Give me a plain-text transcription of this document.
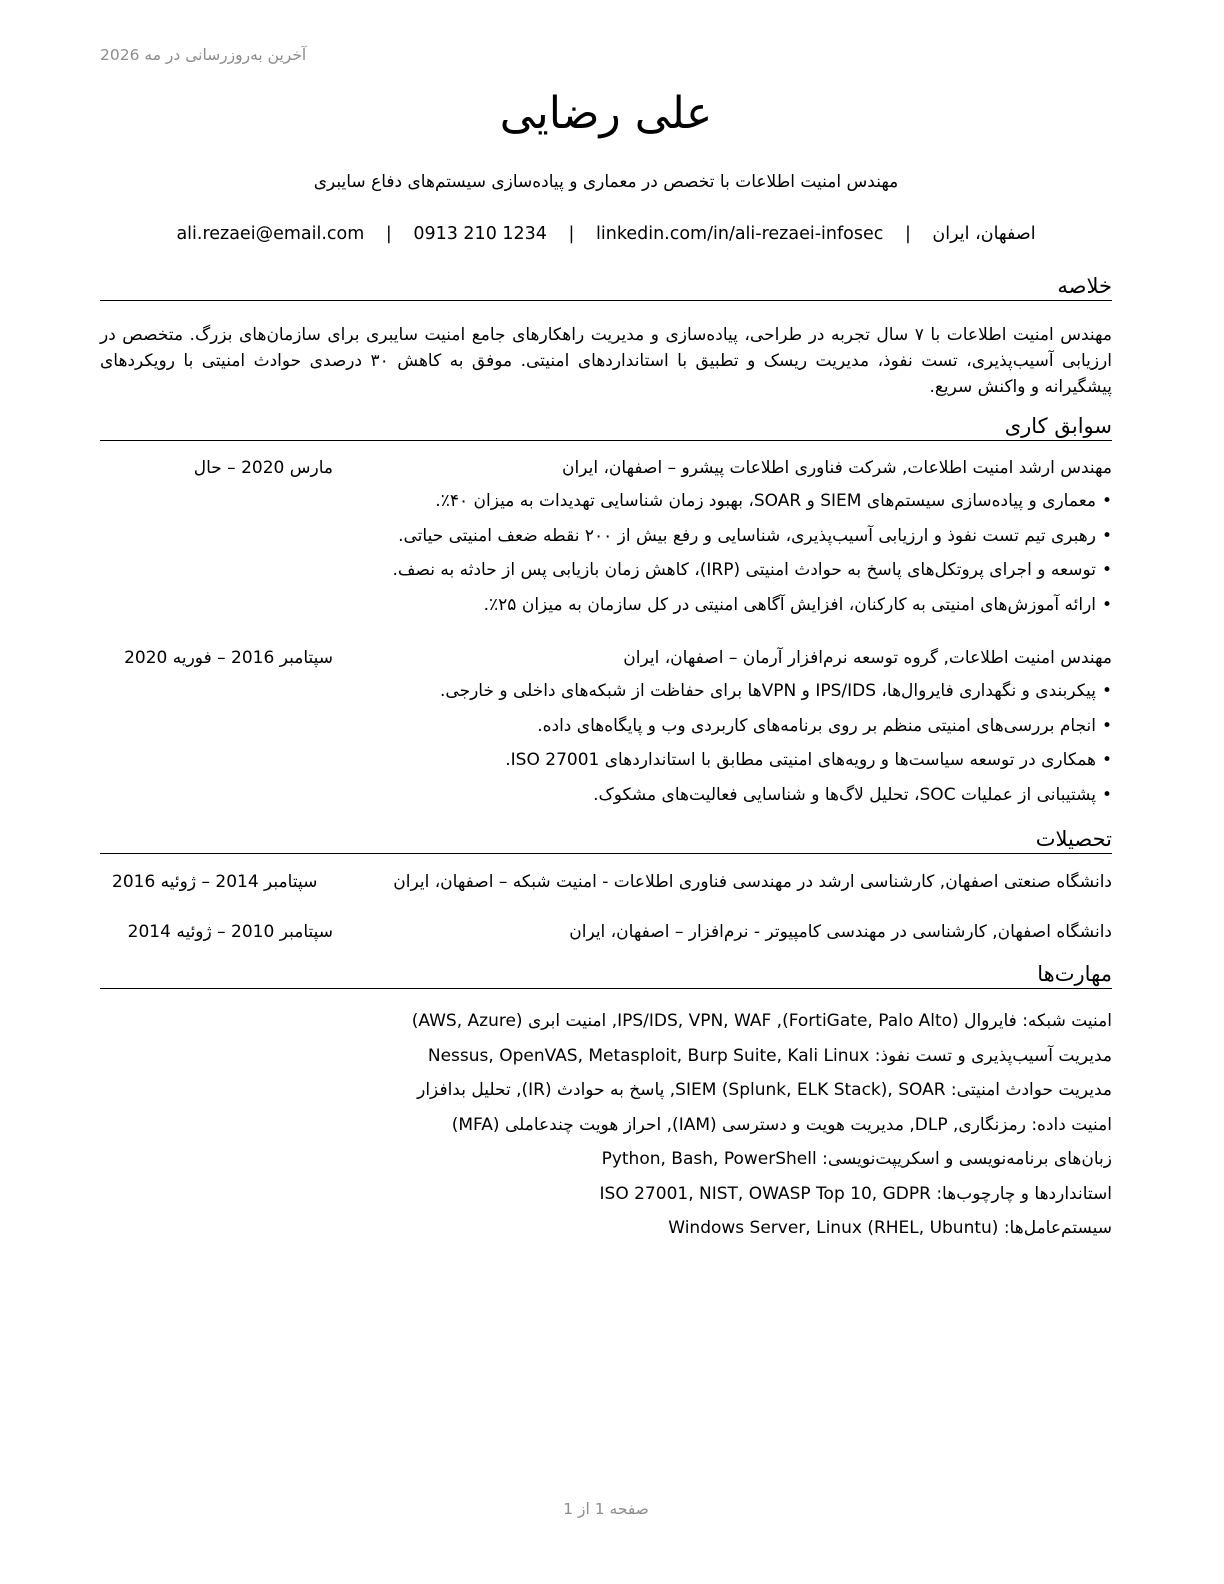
آخرین به‌روزرسانی در مه 2026
علی رضایی
مهندس امنیت اطلاعات با تخصص در معماری و پیاده‌سازی سیستم‌های دفاع سایبری
اصفهان، ایران | ali.rezaei@email.com | 0913 210 1234 | linkedin.com/in/ali-rezaei-infosec
خلاصه

مهندس امنیت اطلاعات با ۷ سال تجربه در طراحی، پیاده‌سازی و مدیریت راهکارهای جامع امنیت سایبری برای سازمان‌های بزرگ. متخصص در ارزیابی آسیب‌پذیری، تست نفوذ، مدیریت ریسک و تطبیق با استانداردهای امنیتی. موفق به کاهش ۳۰ درصدی حوادث امنیتی با رویکردهای پیشگیرانه و واکنش سریع.

سوابق کاری
مهندس ارشد امنیت اطلاعات, شرکت فناوری اطلاعات پیشرو – اصفهان، ایران
مارس 2020 – حال
•
معماری و پیاده‌سازی سیستم‌های SIEM و SOAR، بهبود زمان شناسایی تهدیدات به میزان ۴۰٪.
•
رهبری تیم تست نفوذ و ارزیابی آسیب‌پذیری، شناسایی و رفع بیش از ۲۰۰ نقطه ضعف امنیتی حیاتی.
•
توسعه و اجرای پروتکل‌های پاسخ به حوادث امنیتی (IRP)، کاهش زمان بازیابی پس از حادثه به نصف.
•
ارائه آموزش‌های امنیتی به کارکنان، افزایش آگاهی امنیتی در کل سازمان به میزان ۲۵٪.
مهندس امنیت اطلاعات, گروه توسعه نرم‌افزار آرمان – اصفهان، ایران
سپتامبر 2016 – فوریه 2020
•
پیکربندی و نگهداری فایروال‌ها، IPS/IDS و VPNها برای حفاظت از شبکه‌های داخلی و خارجی.
•
انجام بررسی‌های امنیتی منظم بر روی برنامه‌های کاربردی وب و پایگاه‌های داده.
•
همکاری در توسعه سیاست‌ها و رویه‌های امنیتی مطابق با استانداردهای ISO 27001.
•
پشتیبانی از عملیات SOC، تحلیل لاگ‌ها و شناسایی فعالیت‌های مشکوک.
تحصیلات
دانشگاه صنعتی اصفهان, کارشناسی ارشد در مهندسی فناوری اطلاعات - امنیت شبکه – اصفهان، ایران
سپتامبر 2014 – ژوئیه 2016
دانشگاه اصفهان, کارشناسی در مهندسی کامپیوتر - نرم‌افزار – اصفهان، ایران
سپتامبر 2010 – ژوئیه 2014
مهارت‌ها
امنیت شبکه: فایروال (FortiGate, Palo Alto), IPS/IDS, VPN, WAF, امنیت ابری (AWS, Azure)
مدیریت آسیب‌پذیری و تست نفوذ: Nessus, OpenVAS, Metasploit, Burp Suite, Kali Linux
مدیریت حوادث امنیتی: SIEM (Splunk, ELK Stack), SOAR, پاسخ به حوادث (IR), تحلیل بدافزار
امنیت داده: رمزنگاری, DLP, مدیریت هویت و دسترسی (IAM), احراز هویت چندعاملی (MFA)
زبان‌های برنامه‌نویسی و اسکریپت‌نویسی: Python, Bash, PowerShell
استانداردها و چارچوب‌ها: ISO 27001, NIST, OWASP Top 10, GDPR
سیستم‌عامل‌ها: Windows Server, Linux (RHEL, Ubuntu)
صفحه 1 از 1
